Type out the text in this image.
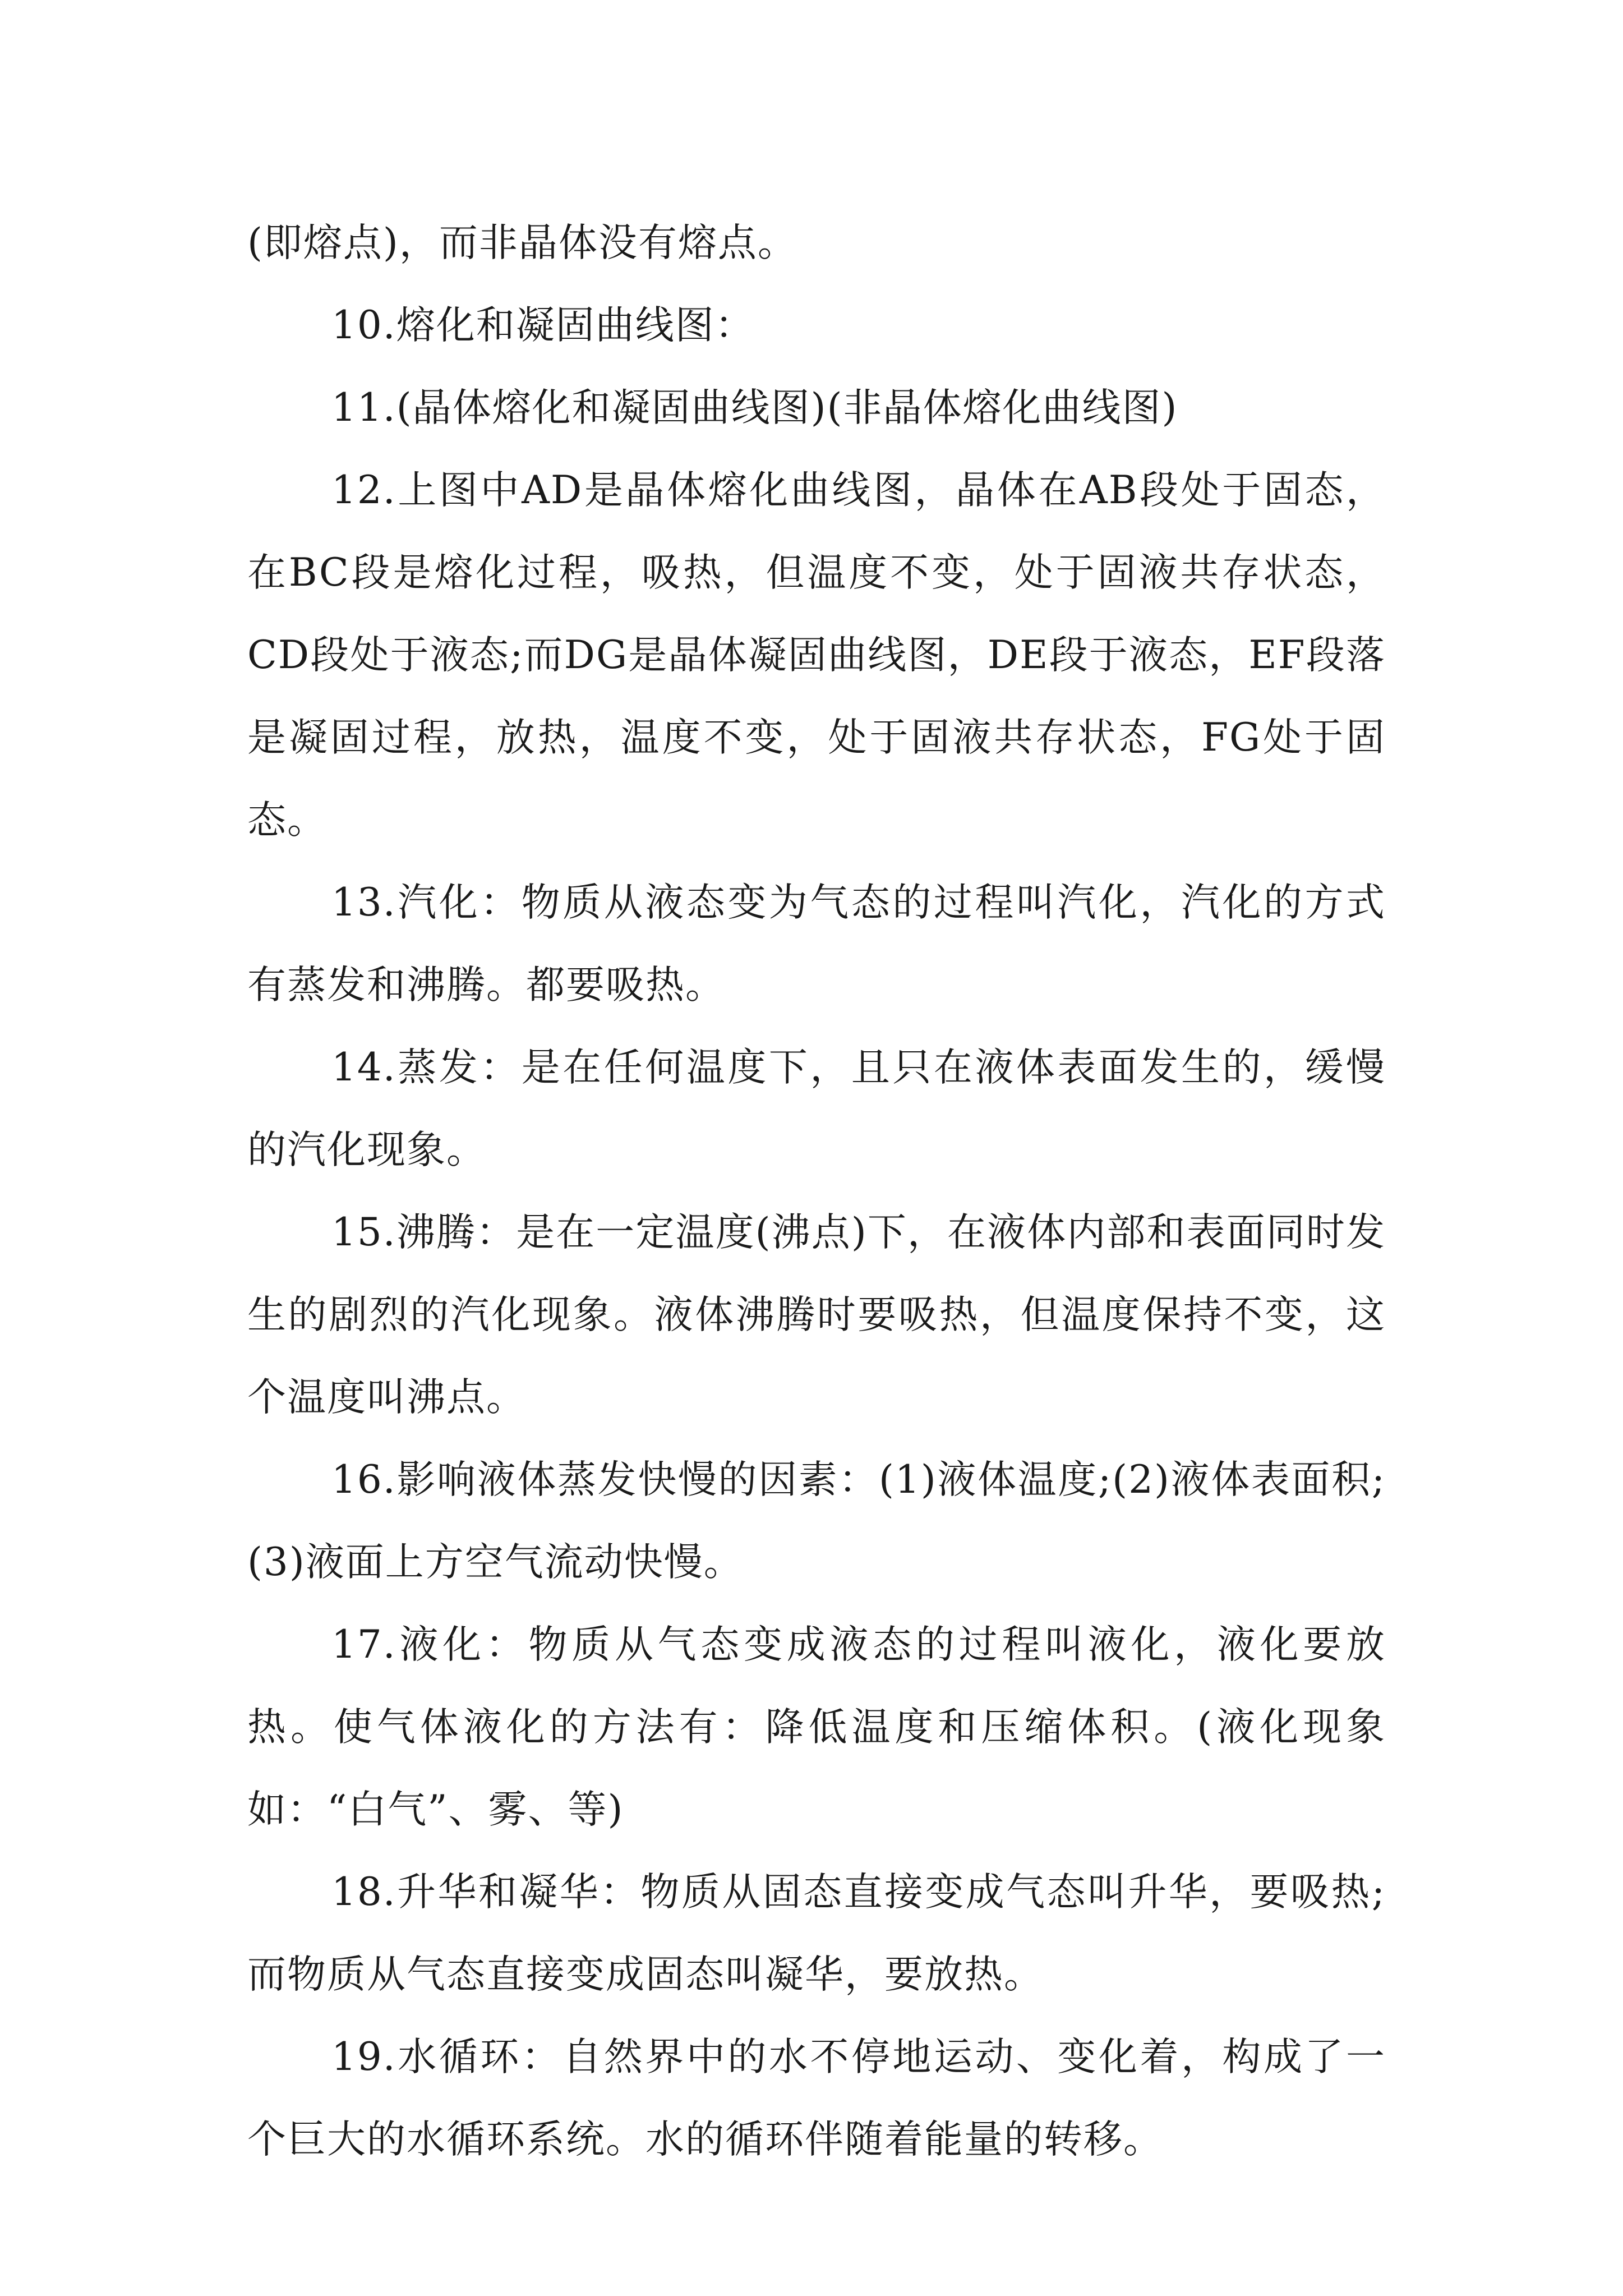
(即熔点)，而非晶体没有熔点。

10.熔化和凝固曲线图：

11.(晶体熔化和凝固曲线图)(非晶体熔化曲线图)

12.上图中AD是晶体熔化曲线图，晶体在AB段处于固态，在BC段是熔化过程，吸热，但温度不变，处于固液共存状态，CD段处于液态;而DG是晶体凝固曲线图，DE段于液态，EF段落是凝固过程，放热，温度不变，处于固液共存状态，FG处于固态。

13.汽化：物质从液态变为气态的过程叫汽化，汽化的方式有蒸发和沸腾。都要吸热。

14.蒸发：是在任何温度下，且只在液体表面发生的，缓慢的汽化现象。

15.沸腾：是在一定温度(沸点)下，在液体内部和表面同时发生的剧烈的汽化现象。液体沸腾时要吸热，但温度保持不变，这个温度叫沸点。

16.影响液体蒸发快慢的因素：(1)液体温度;(2)液体表面积;(3)液面上方空气流动快慢。

17.液化：物质从气态变成液态的过程叫液化，液化要放热。使气体液化的方法有：降低温度和压缩体积。(液化现象如：“白气”、雾、等)

18.升华和凝华：物质从固态直接变成气态叫升华，要吸热;而物质从气态直接变成固态叫凝华，要放热。

19.水循环：自然界中的水不停地运动、变化着，构成了一个巨大的水循环系统。水的循环伴随着能量的转移。
